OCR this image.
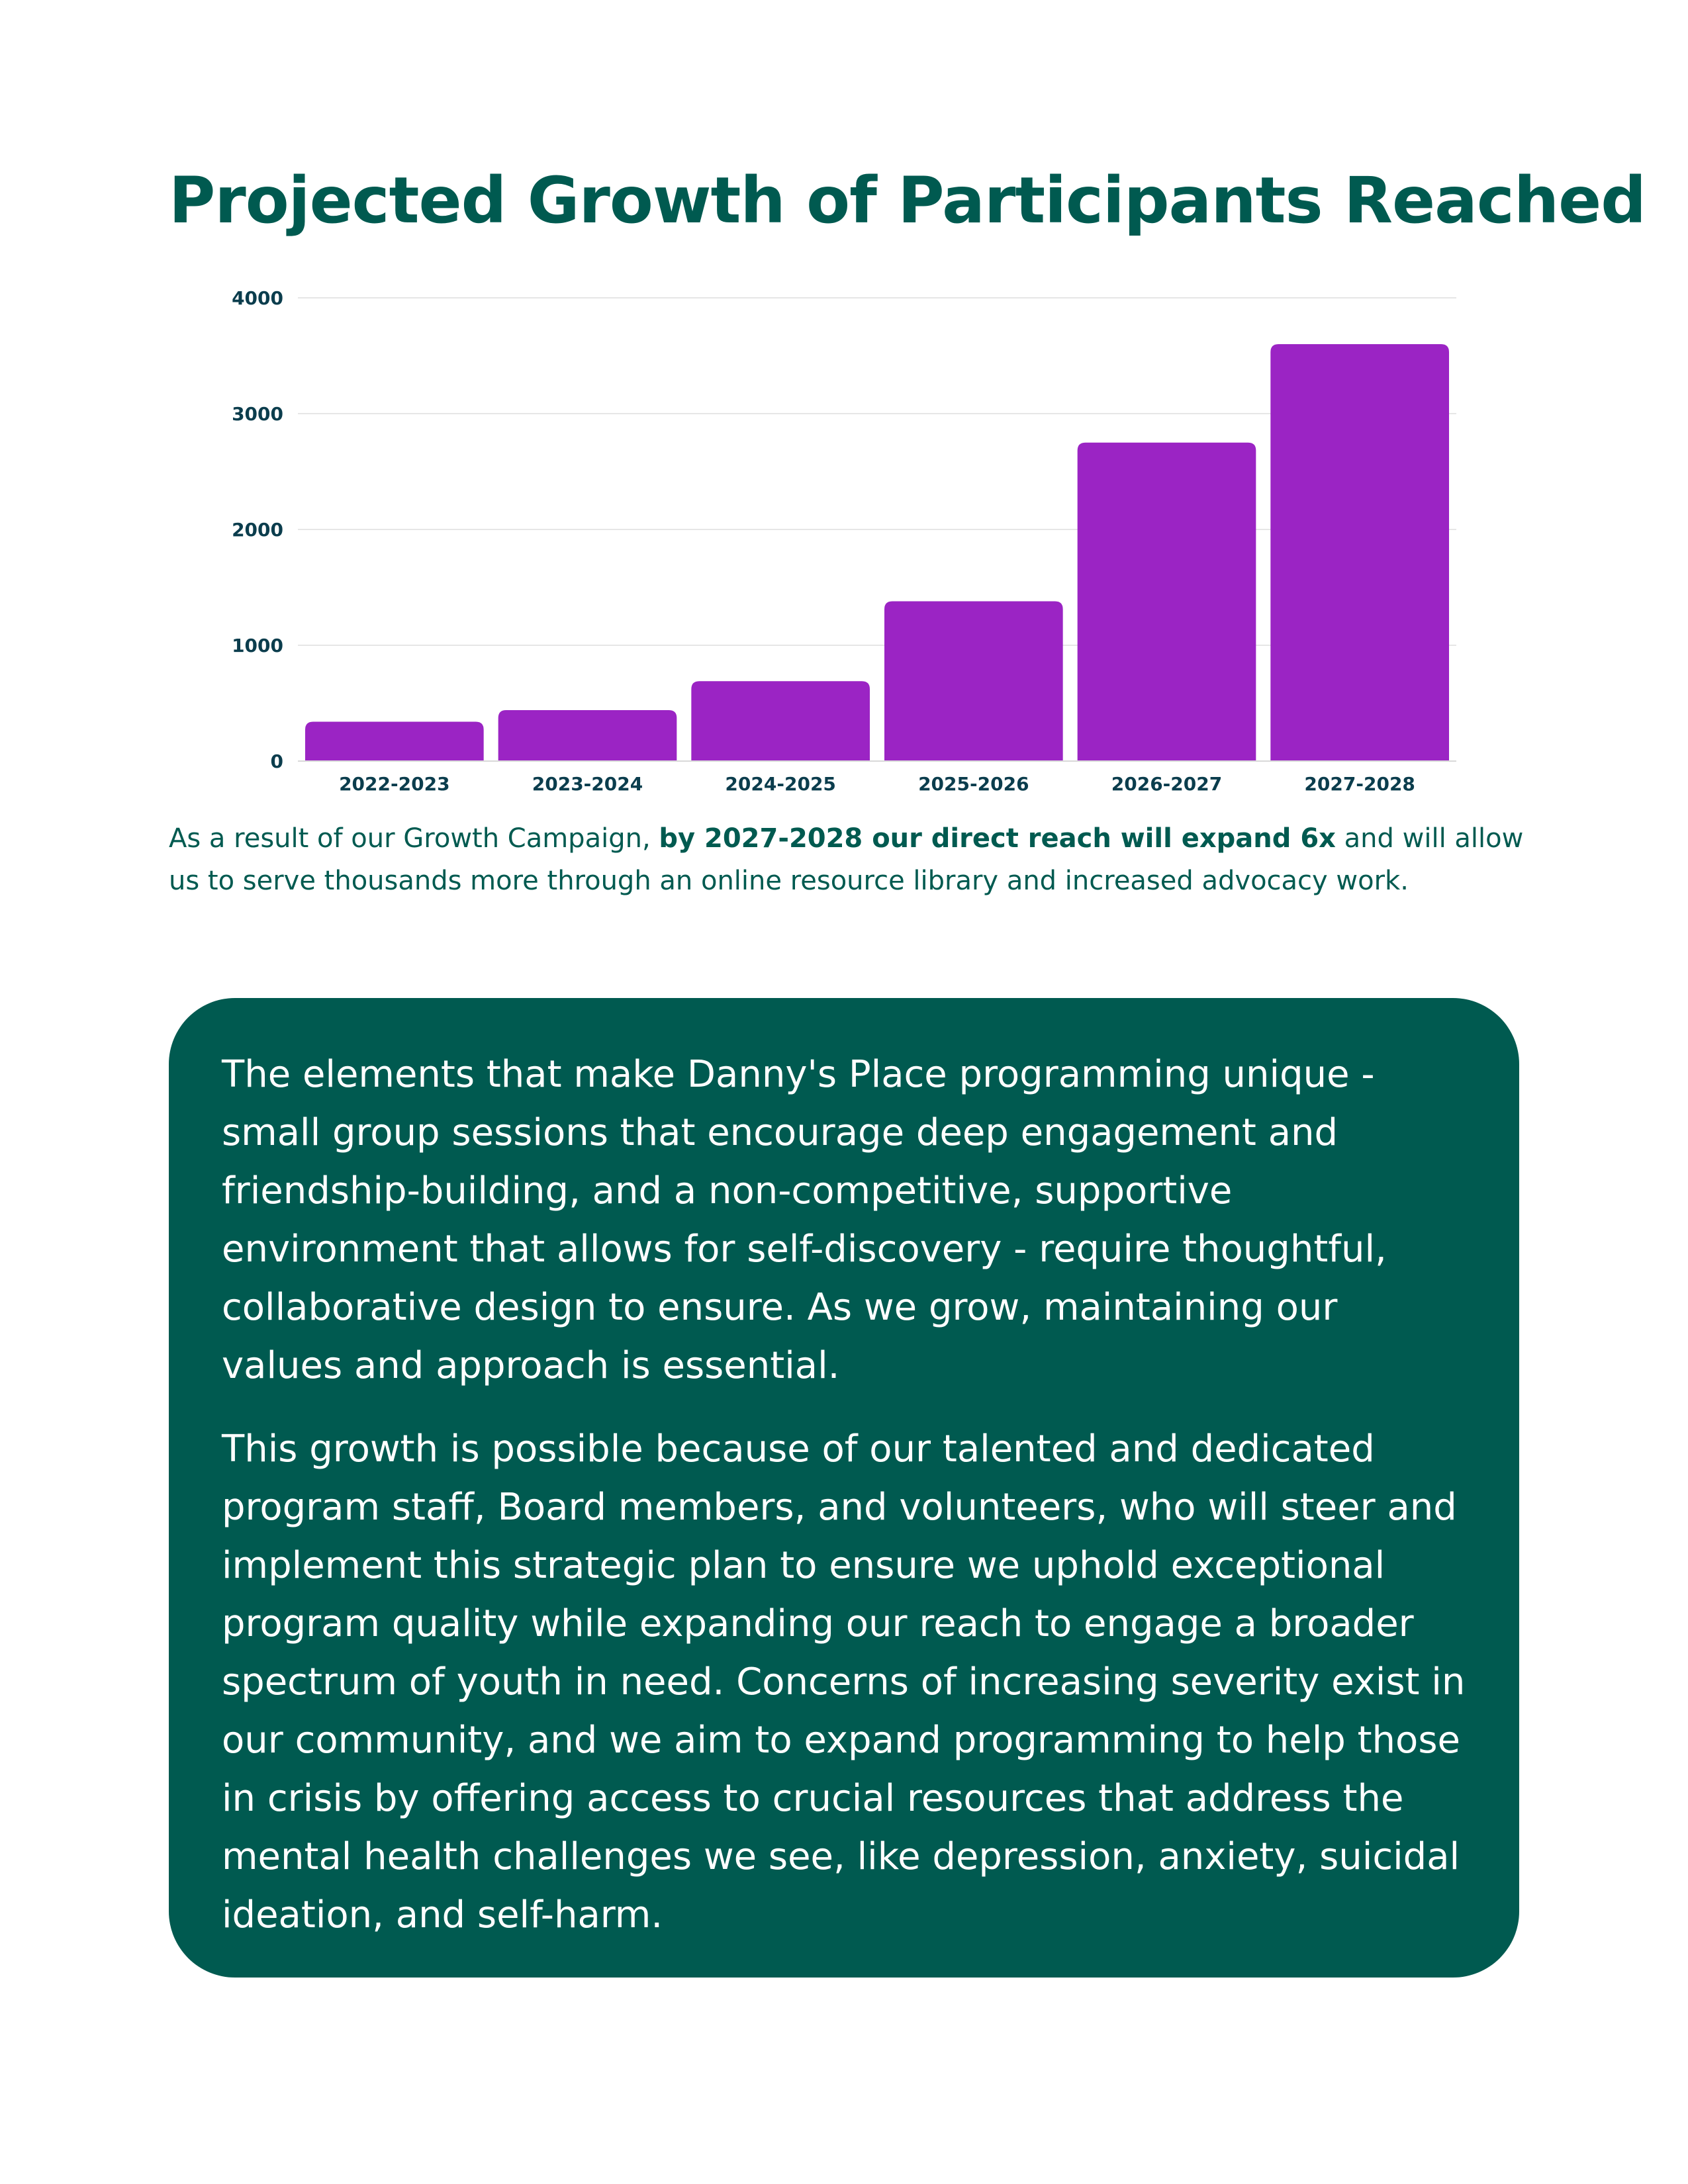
Projected Growth of Participants Reached
0
1000
2000
3000
4000
2022-2023	2023-2024	2024-2025	2025-2026	2026-2027	2027-2028

As a result of our Growth Campaign, by 2027-2028 our direct reach will expand 6x and will allow us to serve thousands more through an online resource library and increased advocacy work.

The elements that make Danny's Place programming unique - small group sessions that encourage deep engagement and friendship-building, and a non-competitive, supportive environment that allows for self-discovery - require thoughtful, collaborative design to ensure. As we grow, maintaining our values and approach is essential.

This growth is possible because of our talented and dedicated program staff, Board members, and volunteers, who will steer and implement this strategic plan to ensure we uphold exceptional program quality while expanding our reach to engage a broader spectrum of youth in need. Concerns of increasing severity exist in our community, and we aim to expand programming to help those in crisis by offering access to crucial resources that address the mental health challenges we see, like depression, anxiety, suicidal ideation, and self-harm.
